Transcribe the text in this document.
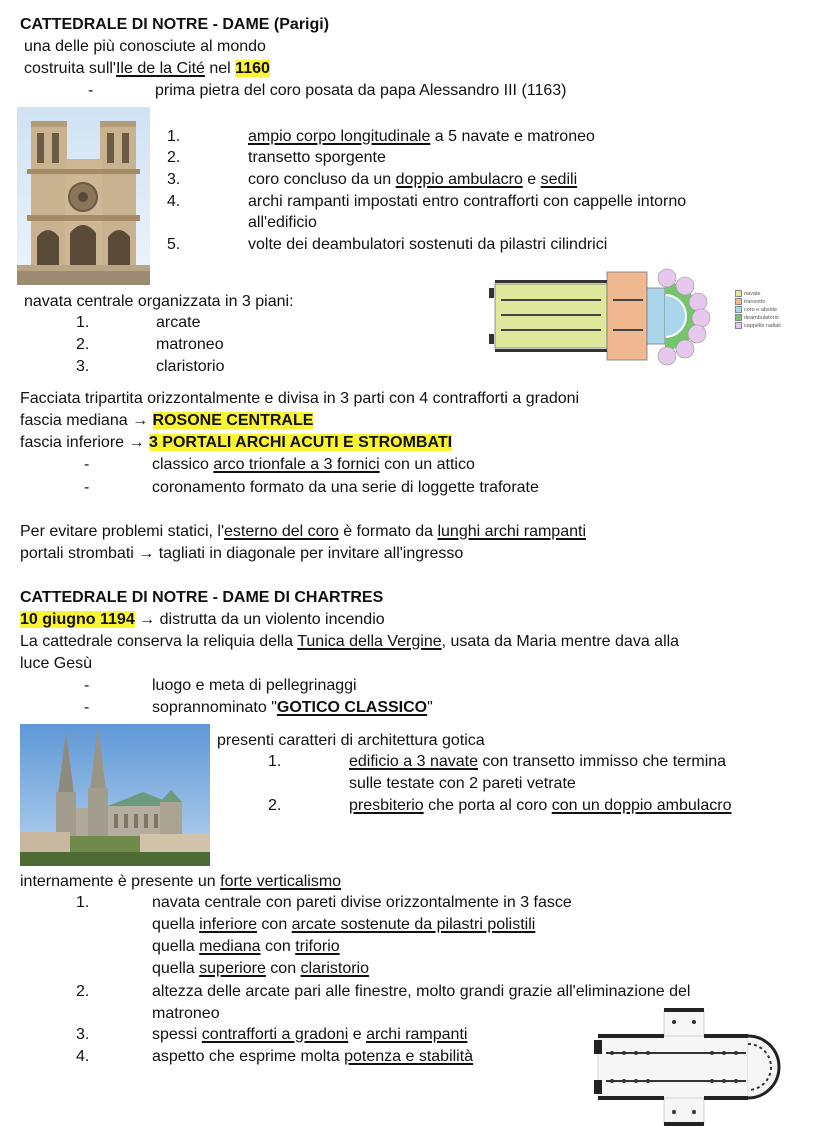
CATTEDRALE DI NOTRE - DAME (Parigi)
una delle più conosciute al mondo
costruita sull'Ile de la Cité nel 1160
-	prima pietra del coro posata da papa Alessandro III (1163)
1.	ampio corpo longitudinale a 5 navate e matroneo
2.	transetto sporgente
3.	coro concluso da un doppio ambulacro e sedili
4.	archi rampanti impostati entro contrafforti con cappelle intorno
all'edificio
5.	volte dei deambulatori sostenuti da pilastri cilindrici
navata centrale organizzata in 3 piani:
1.	arcate
2.	matroneo
3.	claristorio
navate
transetto
coro e abside
deambulatorio
cappelle radiali
Facciata tripartita orizzontalmente e divisa in 3 parti con 4 contrafforti a gradoni
fascia mediana → ROSONE CENTRALE
fascia inferiore → 3 PORTALI ARCHI ACUTI E STROMBATI
-	classico arco trionfale a 3 fornici con un attico
-	coronamento formato da una serie di loggette traforate
Per evitare problemi statici, l'esterno del coro è formato da lunghi archi rampanti
portali strombati → tagliati in diagonale per invitare all'ingresso
CATTEDRALE DI NOTRE - DAME DI CHARTRES
10 giugno 1194 → distrutta da un violento incendio
La cattedrale conserva la reliquia della Tunica della Vergine, usata da Maria mentre dava alla
luce Gesù
-	luogo e meta di pellegrinaggi
-	soprannominato "GOTICO CLASSICO"
presenti caratteri di architettura gotica
1.	edificio a 3 navate con transetto immisso che termina
sulle testate con 2 pareti vetrate
2.	presbiterio che porta al coro con un doppio ambulacro
internamente è presente un forte verticalismo
1.	navata centrale con pareti divise orizzontalmente in 3 fasce
quella inferiore con arcate sostenute da pilastri polistili
quella mediana con triforio
quella superiore con claristorio
2.	altezza delle arcate pari alle finestre, molto grandi grazie all'eliminazione del
matroneo
3.	spessi contrafforti a gradoni e archi rampanti
4.	aspetto che esprime molta potenza e stabilità
